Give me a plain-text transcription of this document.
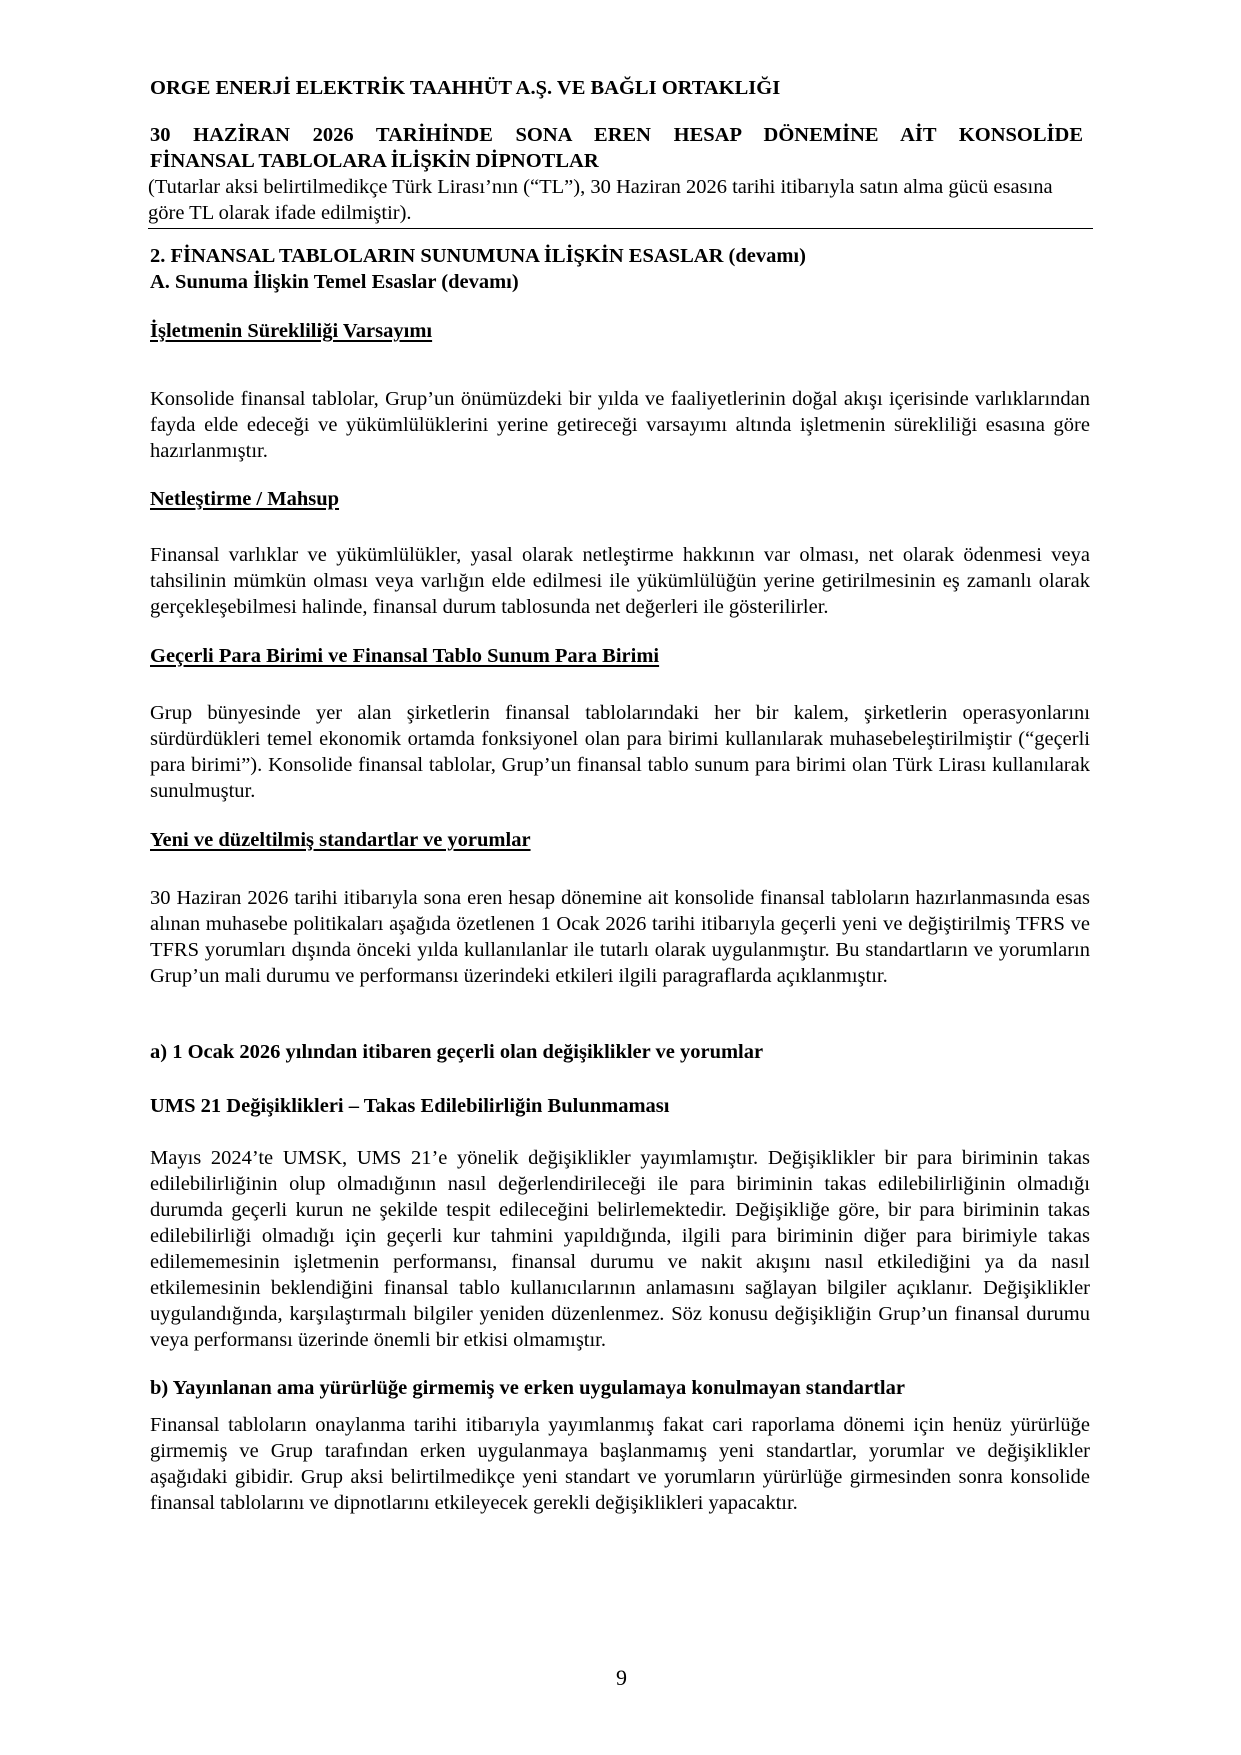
ORGE ENERJİ ELEKTRİK TAAHHÜT A.Ş. VE BAĞLI ORTAKLIĞI
30 HAZİRAN 2026 TARİHİNDE SONA EREN HESAP DÖNEMİNE AİT KONSOLİDE
FİNANSAL TABLOLARA İLİŞKİN DİPNOTLAR
(Tutarlar aksi belirtilmedikçe Türk Lirası’nın (“TL”), 30 Haziran 2026 tarihi itibarıyla satın alma gücü esasına göre TL olarak ifade edilmiştir).
2. FİNANSAL TABLOLARIN SUNUMUNA İLİŞKİN ESASLAR (devamı)
A. Sunuma İlişkin Temel Esaslar (devamı)
İşletmenin Sürekliliği Varsayımı
Konsolide finansal tablolar, Grup’un önümüzdeki bir yılda ve faaliyetlerinin doğal akışı içerisinde varlıklarından fayda elde edeceği ve yükümlülüklerini yerine getireceği varsayımı altında işletmenin sürekliliği esasına göre hazırlanmıştır.
Netleştirme / Mahsup
Finansal varlıklar ve yükümlülükler, yasal olarak netleştirme hakkının var olması, net olarak ödenmesi veya tahsilinin mümkün olması veya varlığın elde edilmesi ile yükümlülüğün yerine getirilmesinin eş zamanlı olarak gerçekleşebilmesi halinde, finansal durum tablosunda net değerleri ile gösterilirler.
Geçerli Para Birimi ve Finansal Tablo Sunum Para Birimi
Grup bünyesinde yer alan şirketlerin finansal tablolarındaki her bir kalem, şirketlerin operasyonlarını sürdürdükleri temel ekonomik ortamda fonksiyonel olan para birimi kullanılarak muhasebeleştirilmiştir (“geçerli para birimi”). Konsolide finansal tablolar, Grup’un finansal tablo sunum para birimi olan Türk Lirası kullanılarak sunulmuştur.
Yeni ve düzeltilmiş standartlar ve yorumlar
30 Haziran 2026 tarihi itibarıyla sona eren hesap dönemine ait konsolide finansal tabloların hazırlanmasında esas alınan muhasebe politikaları aşağıda özetlenen 1 Ocak 2026 tarihi itibarıyla geçerli yeni ve değiştirilmiş TFRS ve TFRS yorumları dışında önceki yılda kullanılanlar ile tutarlı olarak uygulanmıştır. Bu standartların ve yorumların Grup’un mali durumu ve performansı üzerindeki etkileri ilgili paragraflarda açıklanmıştır.
a) 1 Ocak 2026 yılından itibaren geçerli olan değişiklikler ve yorumlar
UMS 21 Değişiklikleri – Takas Edilebilirliğin Bulunmaması
Mayıs 2024’te UMSK, UMS 21’e yönelik değişiklikler yayımlamıştır. Değişiklikler bir para biriminin takas edilebilirliğinin olup olmadığının nasıl değerlendirileceği ile para biriminin takas edilebilirliğinin olmadığı durumda geçerli kurun ne şekilde tespit edileceğini belirlemektedir. Değişikliğe göre, bir para biriminin takas edilebilirliği olmadığı için geçerli kur tahmini yapıldığında, ilgili para biriminin diğer para birimiyle takas edilememesinin işletmenin performansı, finansal durumu ve nakit akışını nasıl etkilediğini ya da nasıl etkilemesinin beklendiğini finansal tablo kullanıcılarının anlamasını sağlayan bilgiler açıklanır. Değişiklikler uygulandığında, karşılaştırmalı bilgiler yeniden düzenlenmez. Söz konusu değişikliğin Grup’un finansal durumu veya performansı üzerinde önemli bir etkisi olmamıştır.
b) Yayınlanan ama yürürlüğe girmemiş ve erken uygulamaya konulmayan standartlar
Finansal tabloların onaylanma tarihi itibarıyla yayımlanmış fakat cari raporlama dönemi için henüz yürürlüğe girmemiş ve Grup tarafından erken uygulanmaya başlanmamış yeni standartlar, yorumlar ve değişiklikler aşağıdaki gibidir. Grup aksi belirtilmedikçe yeni standart ve yorumların yürürlüğe girmesinden sonra konsolide finansal tablolarını ve dipnotlarını etkileyecek gerekli değişiklikleri yapacaktır.
9
